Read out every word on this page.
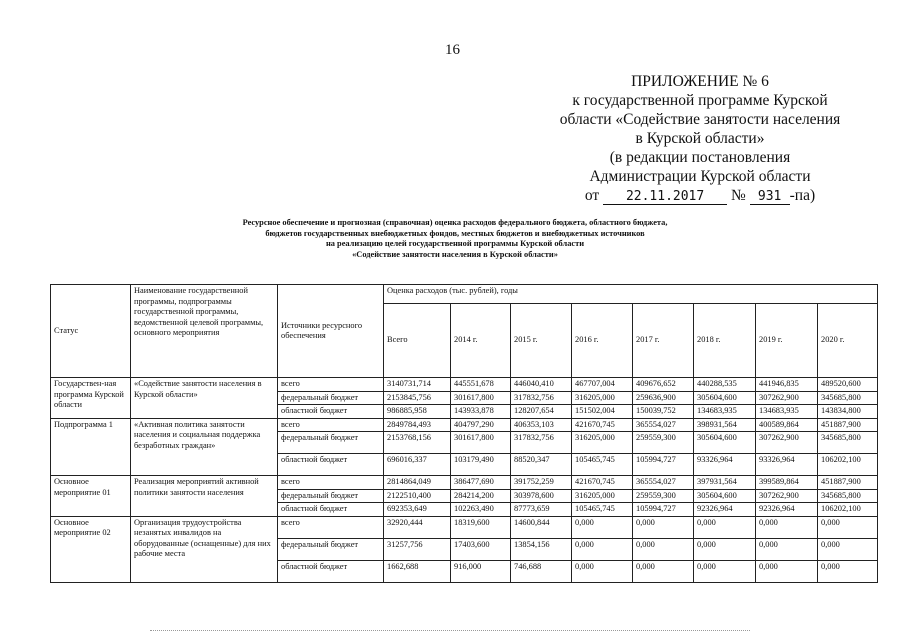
16
ПРИЛОЖЕНИЕ № 6
к государственной программе Курской
области «Содействие занятости населения
в Курской области»
(в редакции постановления
Администрации Курской области
от 22.11.2017 № 931 -па)
Ресурсное обеспечение и прогнозная (справочная) оценка расходов федерального бюджета, областного бюджета,
бюджетов государственных внебюджетных фондов, местных бюджетов и внебюджетных источников
на реализацию целей государственной программы Курской области
«Содействие занятости населения в Курской области»
Статус	Наименование государственной программы, подпрограммы государственной программы, ведомственной целевой программы, основного мероприятия	Источники ресурсного обеспечения	Оценка расходов (тыс. рублей), годы							
			Всего	2014 г.	2015 г.	2016 г.	2017 г.	2018 г.	2019 г.	2020 г.
Государствен-ная программа Курской области	«Содействие занятости населения в Курской области»	всего	3140731,714	445551,678	446040,410	467707,004	409676,652	440288,535	441946,835	489520,600
		федеральный бюджет	2153845,756	301617,800	317832,756	316205,000	259636,900	305604,600	307262,900	345685,800
		областной бюджет	986885,958	143933,878	128207,654	151502,004	150039,752	134683,935	134683,935	143834,800
Подпрограмма 1	«Активная политика занятости населения и социальная поддержка безработных граждан»	всего	2849784,493	404797,290	406353,103	421670,745	365554,027	398931,564	400589,864	451887,900
		федеральный бюджет	2153768,156	301617,800	317832,756	316205,000	259559,300	305604,600	307262,900	345685,800
		областной бюджет	696016,337	103179,490	88520,347	105465,745	105994,727	93326,964	93326,964	106202,100
Основное мероприятие 01	Реализация мероприятий активной политики занятости населения	всего	2814864,049	386477,690	391752,259	421670,745	365554,027	397931,564	399589,864	451887,900
		федеральный бюджет	2122510,400	284214,200	303978,600	316205,000	259559,300	305604,600	307262,900	345685,800
		областной бюджет	692353,649	102263,490	87773,659	105465,745	105994,727	92326,964	92326,964	106202,100
Основное мероприятие 02	Организация трудоустройства незанятых инвалидов на оборудованные (оснащенные) для них рабочие места	всего	32920,444	18319,600	14600,844	0,000	0,000	0,000	0,000	0,000
		федеральный бюджет	31257,756	17403,600	13854,156	0,000	0,000	0,000	0,000	0,000
		областной бюджет	1662,688	916,000	746,688	0,000	0,000	0,000	0,000	0,000
